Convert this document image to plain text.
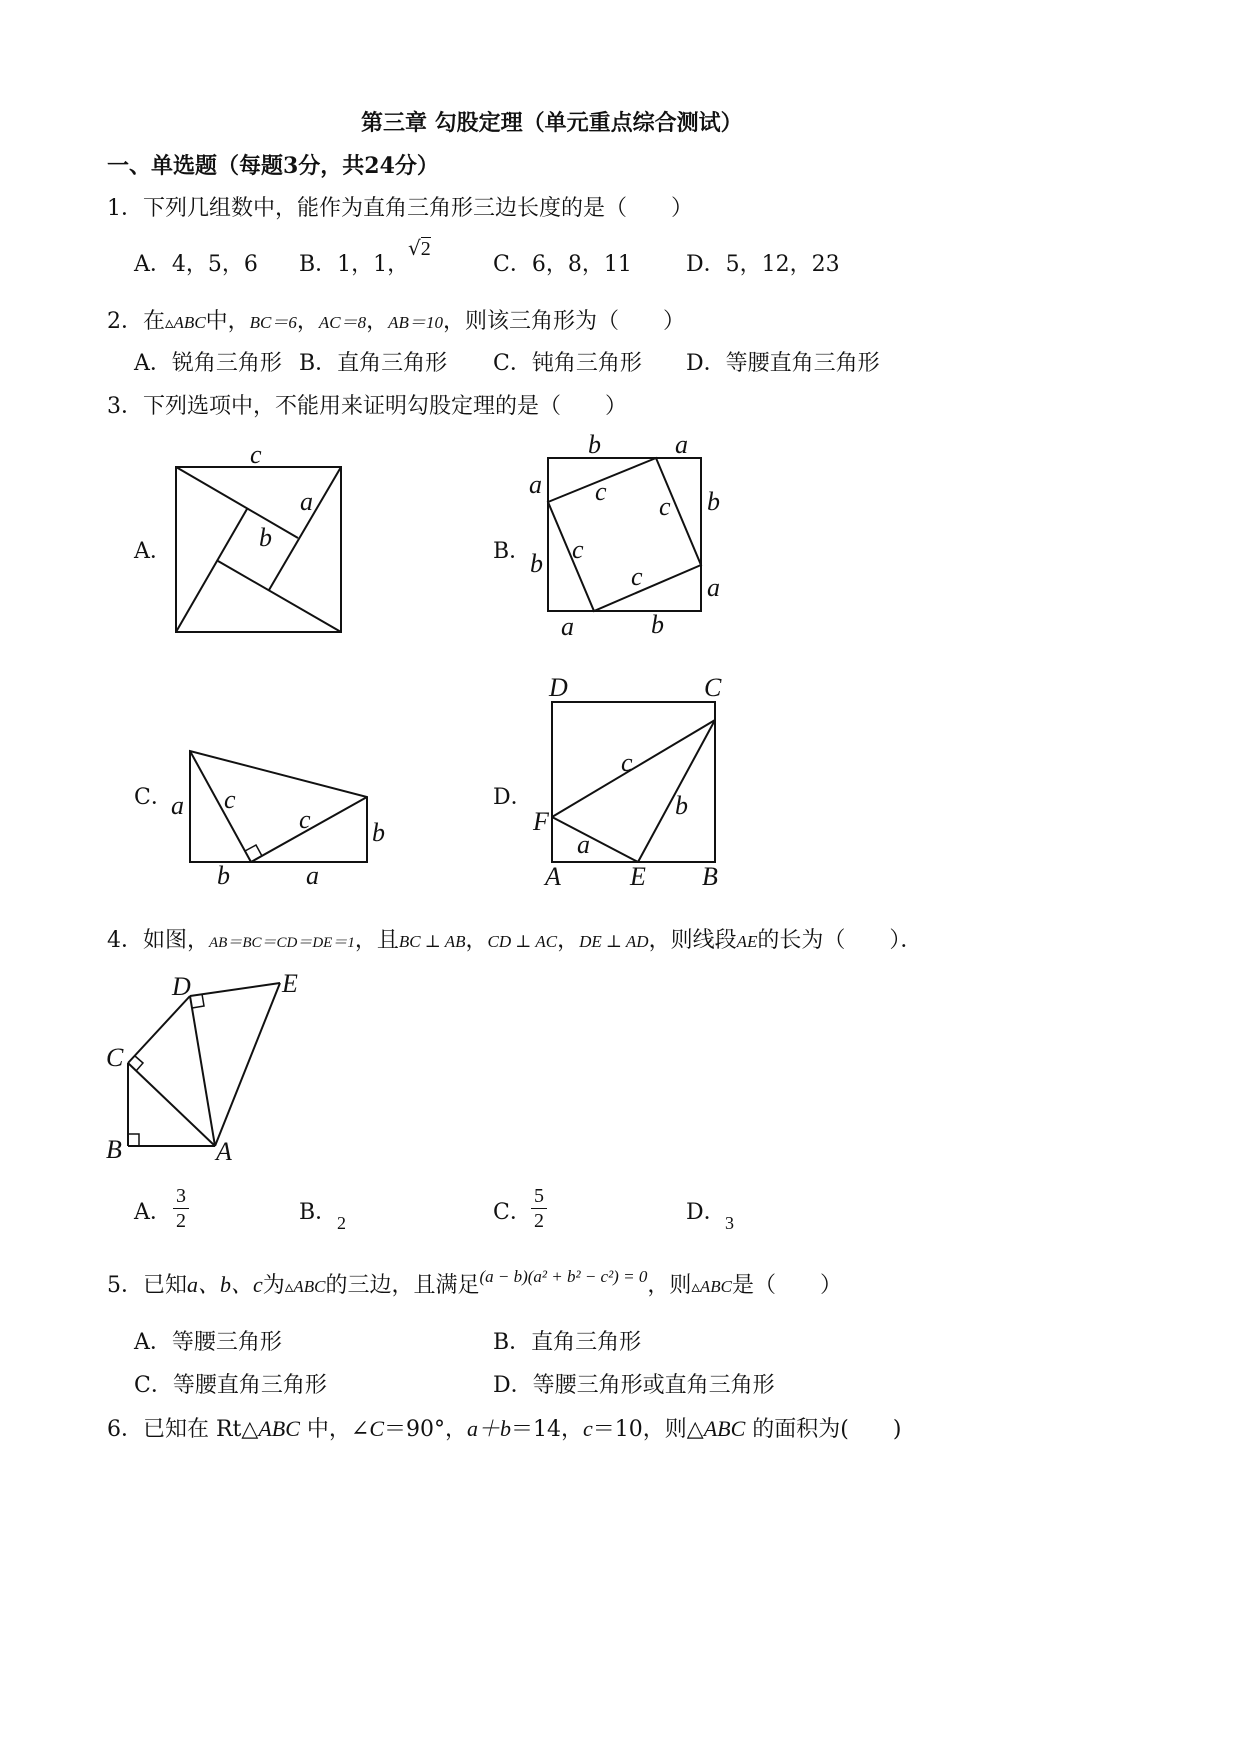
第三章 勾股定理（单元重点综合测试）
一、单选题（每题3分，共24分）
1．下列几组数中，能作为直角三角形三边长度的是（　　）
A．4，5，6 B．1，1，
√2
C．6，8，11 D．5，12，23
2．在▵ABC中，BC＝6，AC＝8，AB＝10，则该三角形为（　　）
A．锐角三角形 B．直角三角形 C．钝角三角形 D．等腰直角三角形
3．下列选项中，不能用来证明勾股定理的是（　　）
A．	B．
C．	D．
c
a
b
b	a
a
b
c
c
c
c
b
a
a	b
a c
c b
b	a
D	C
c
b
F
a
A	E B
4．如图，AB＝BC＝CD＝DE＝1，且BC ⊥ AB，CD ⊥ AC，DE ⊥ AD，则线段AE的长为（　　）．
D	E
C
B	A
A．
3
2	B． 2	C．
5
2	D． 3
5．已知a、b、c为▵ABC的三边，且满足$^{(a - b)(a^2 + b^2 - c^2) = 0}$，则▵ABC是（　　）
A．等腰三角形	B．直角三角形
C．等腰直角三角形	D．等腰三角形或直角三角形
6．已知在 Rt△ABC 中，∠C＝90°，a＋b＝14，c＝10，则△ABC 的面积为(　　)
